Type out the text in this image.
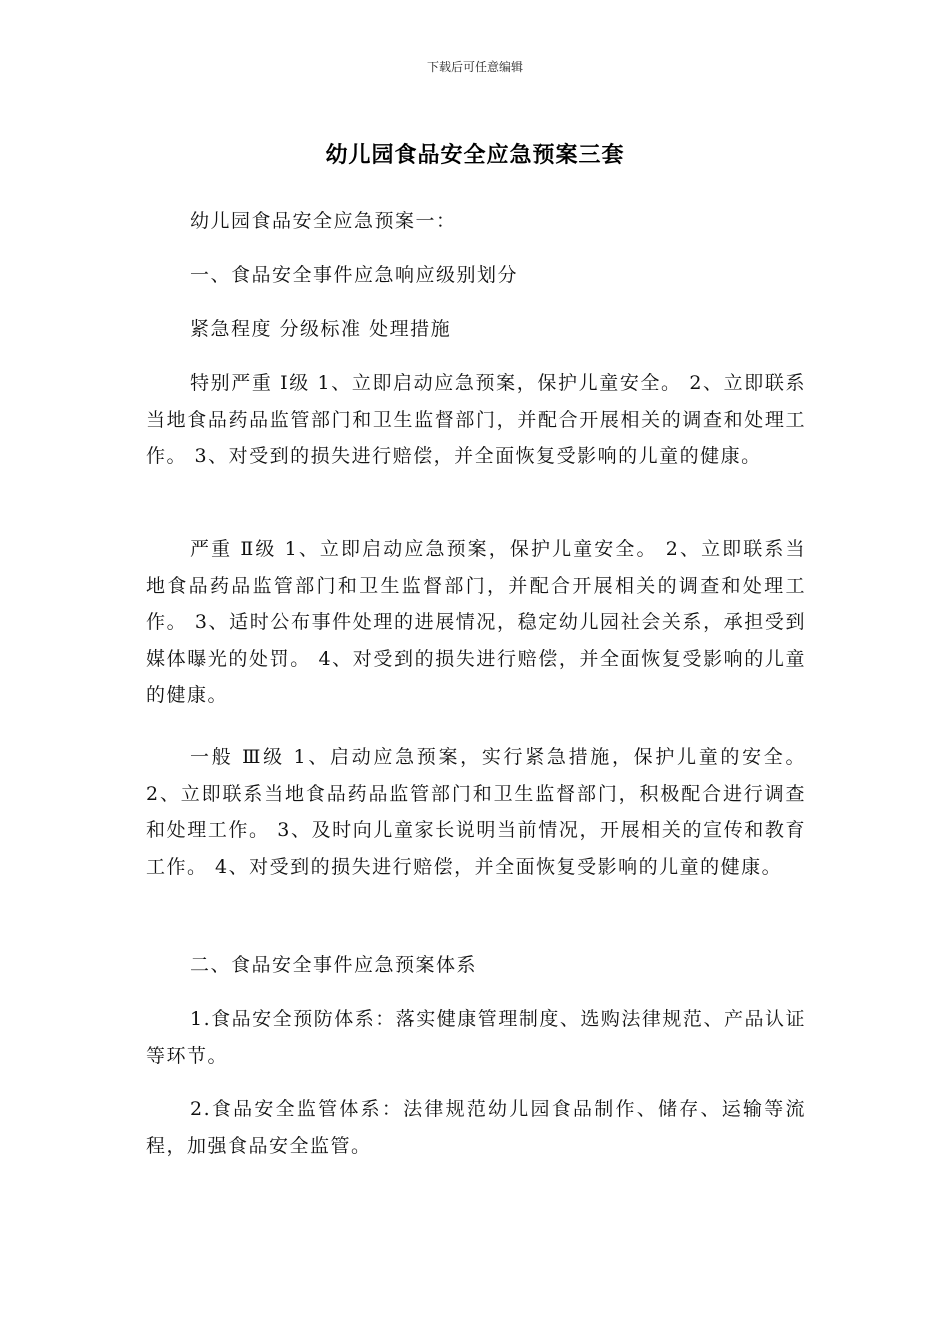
下载后可任意编辑
幼儿园食品安全应急预案三套

幼儿园食品安全应急预案一：

一、食品安全事件应急响应级别划分

紧急程度 分级标准 处理措施

特别严重 Ⅰ级 1、立即启动应急预案，保护儿童安全。 2、立即联系当地食品药品监管部门和卫生监督部门，并配合开展相关的调查和处理工作。 3、对受到的损失进行赔偿，并全面恢复受影响的儿童的健康。

严重 Ⅱ级 1、立即启动应急预案，保护儿童安全。 2、立即联系当地食品药品监管部门和卫生监督部门，并配合开展相关的调查和处理工作。 3、适时公布事件处理的进展情况，稳定幼儿园社会关系，承担受到媒体曝光的处罚。 4、对受到的损失进行赔偿，并全面恢复受影响的儿童的健康。

一般 Ⅲ级 1、启动应急预案，实行紧急措施，保护儿童的安全。 2、立即联系当地食品药品监管部门和卫生监督部门，积极配合进行调查和处理工作。 3、及时向儿童家长说明当前情况，开展相关的宣传和教育工作。 4、对受到的损失进行赔偿，并全面恢复受影响的儿童的健康。

二、食品安全事件应急预案体系

1.食品安全预防体系：落实健康管理制度、选购法律规范、产品认证等环节。

2.食品安全监管体系：法律规范幼儿园食品制作、储存、运输等流程，加强食品安全监管。
